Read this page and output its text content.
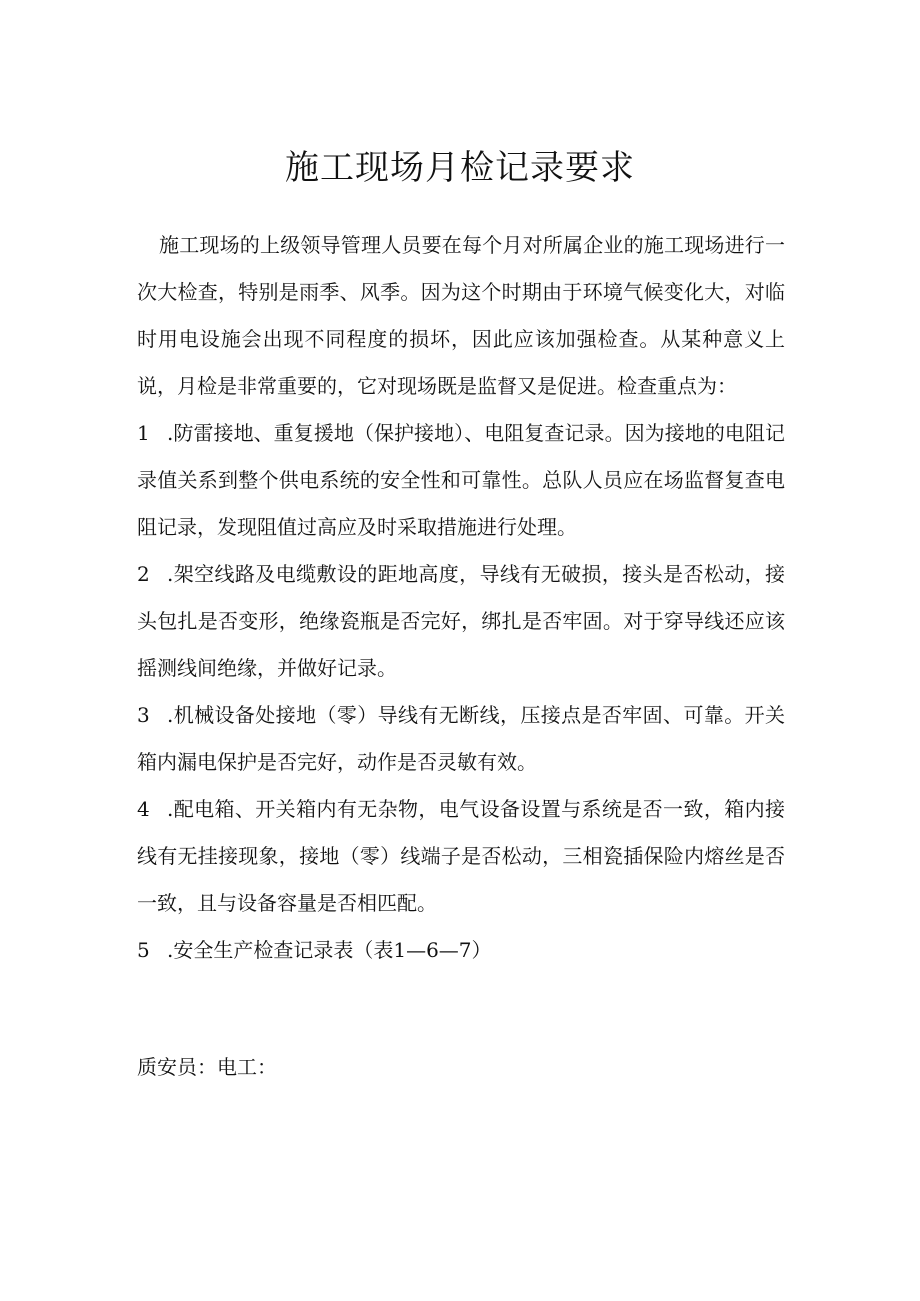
施工现场月检记录要求

施工现场的上级领导管理人员要在每个月对所属企业的施工现场进行一次大检查，特别是雨季、风季。因为这个时期由于环境气候变化大，对临时用电设施会出现不同程度的损坏，因此应该加强检查。从某种意义上说，月检是非常重要的，它对现场既是监督又是促进。检查重点为：

1 .防雷接地、重复援地（保护接地）、电阻复查记录。因为接地的电阻记录值关系到整个供电系统的安全性和可靠性。总队人员应在场监督复查电阻记录，发现阻值过高应及时采取措施进行处理。

2 .架空线路及电缆敷设的距地高度，导线有无破损，接头是否松动，接头包扎是否变形，绝缘瓷瓶是否完好，绑扎是否牢固。对于穿导线还应该摇测线间绝缘，并做好记录。

3 .机械设备处接地（零）导线有无断线，压接点是否牢固、可靠。开关箱内漏电保护是否完好，动作是否灵敏有效。

4 .配电箱、开关箱内有无杂物，电气设备设置与系统是否一致，箱内接线有无挂接现象，接地（零）线端子是否松动，三相瓷插保险内熔丝是否一致，且与设备容量是否相匹配。

5 .安全生产检查记录表（表1—6—7）

质安员：电工：
